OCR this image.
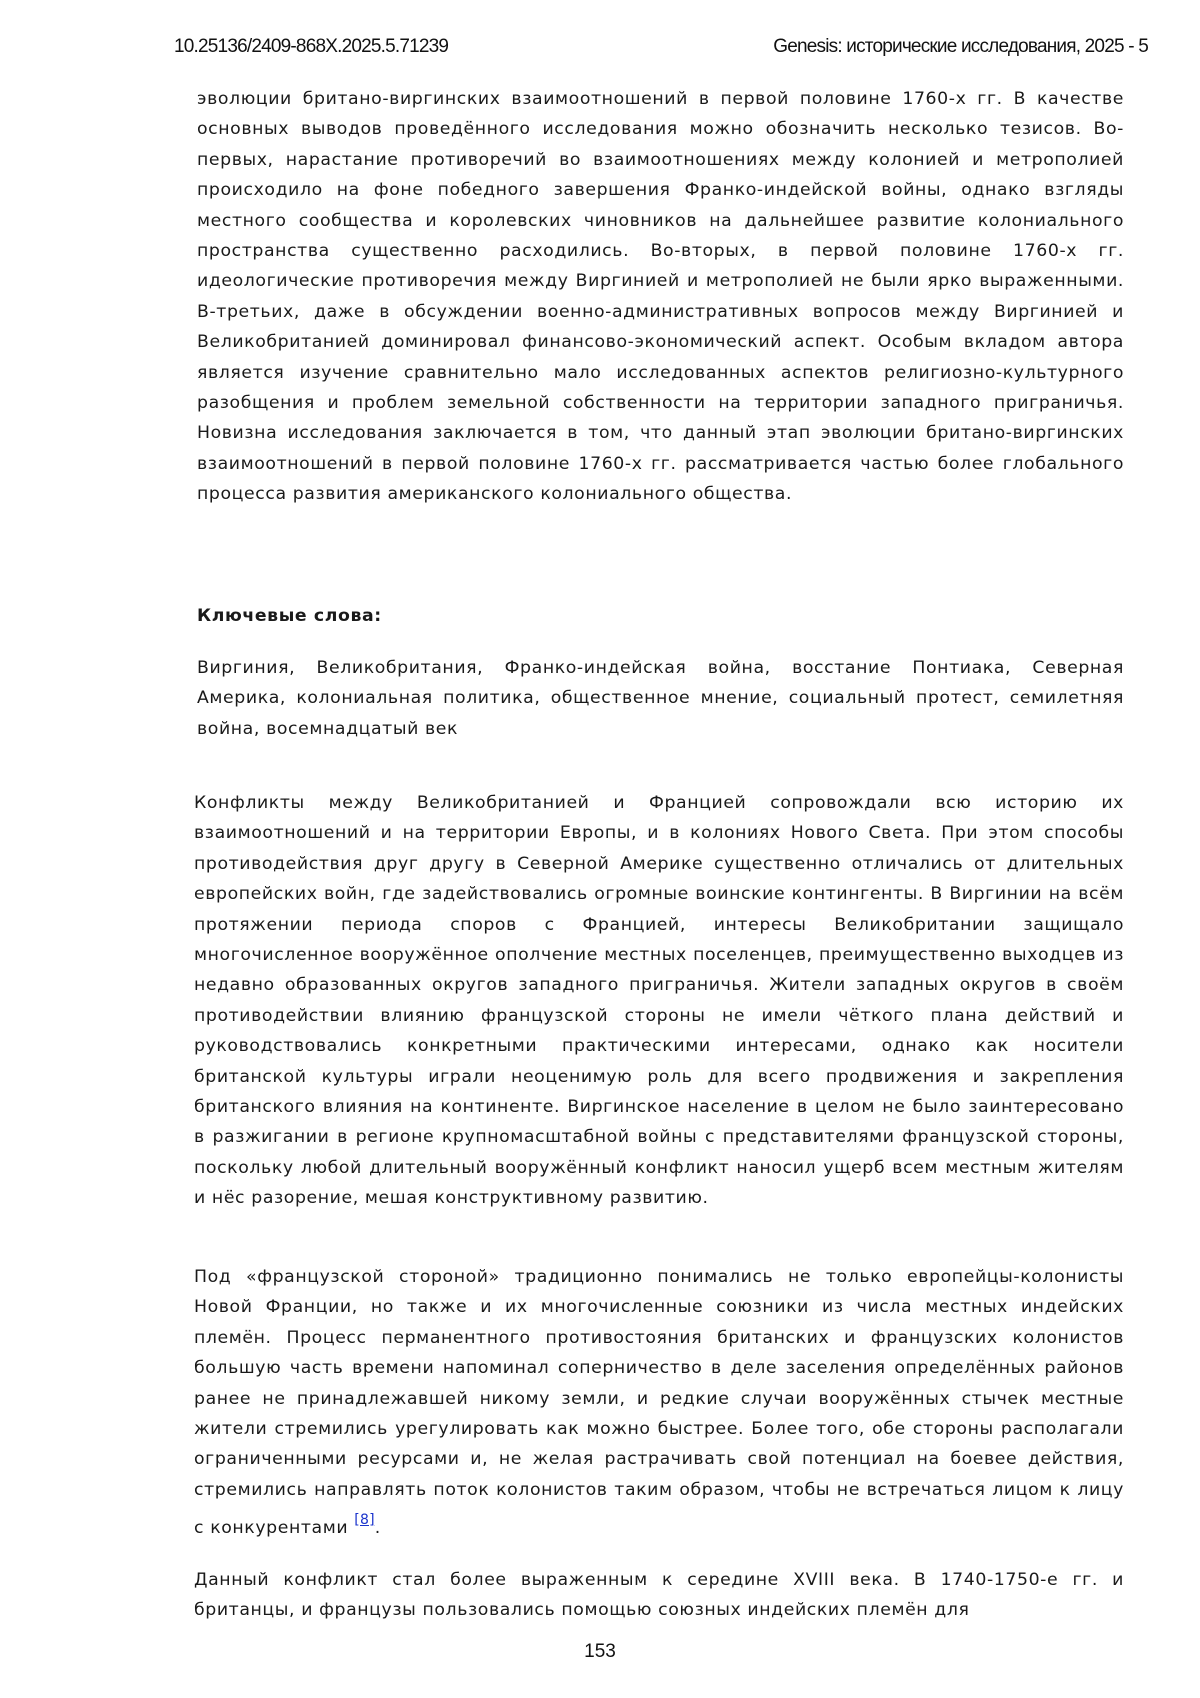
10.25136/2409-868X.2025.5.71239	Genesis: исторические исследования, 2025 - 5
эволюции британо-виргинских взаимоотношений в первой половине 1760-х гг. В качестве основных выводов проведённого исследования можно обозначить несколько тезисов. Во-первых, нарастание противоречий во взаимоотношениях между колонией и метрополией происходило на фоне победного завершения Франко-индейской войны, однако взгляды местного сообщества и королевских чиновников на дальнейшее развитие колониального пространства существенно расходились. Во-вторых, в первой половине 1760-х гг. идеологические противоречия между Виргинией и метрополией не были ярко выраженными. В-третьих, даже в обсуждении военно-административных вопросов между Виргинией и Великобританией доминировал финансово-экономический аспект. Особым вкладом автора является изучение сравнительно мало исследованных аспектов религиозно-культурного разобщения и проблем земельной собственности на территории западного приграничья. Новизна исследования заключается в том, что данный этап эволюции британо-виргинских взаимоотношений в первой половине 1760-х гг. рассматривается частью более глобального процесса развития американского колониального общества.
Ключевые слова:
Виргиния, Великобритания, Франко-индейская война, восстание Понтиака, Северная Америка, колониальная политика, общественное мнение, социальный протест, семилетняя война, восемнадцатый век
Конфликты между Великобританией и Францией сопровождали всю историю их взаимоотношений и на территории Европы, и в колониях Нового Света. При этом способы противодействия друг другу в Северной Америке существенно отличались от длительных европейских войн, где задействовались огромные воинские контингенты. В Виргинии на всём протяжении периода споров с Францией, интересы Великобритании защищало многочисленное вооружённое ополчение местных поселенцев, преимущественно выходцев из недавно образованных округов западного приграничья. Жители западных округов в своём противодействии влиянию французской стороны не имели чёткого плана действий и руководствовались конкретными практическими интересами, однако как носители британской культуры играли неоценимую роль для всего продвижения и закрепления британского влияния на континенте. Виргинское население в целом не было заинтересовано в разжигании в регионе крупномасштабной войны с представителями французской стороны, поскольку любой длительный вооружённый конфликт наносил ущерб всем местным жителям и нёс разорение, мешая конструктивному развитию.
Под «французской стороной» традиционно понимались не только европейцы-колонисты Новой Франции, но также и их многочисленные союзники из числа местных индейских племён. Процесс перманентного противостояния британских и французских колонистов большую часть времени напоминал соперничество в деле заселения определённых районов ранее не принадлежавшей никому земли, и редкие случаи вооружённых стычек местные жители стремились урегулировать как можно быстрее. Более того, обе стороны располагали ограниченными ресурсами и, не желая растрачивать свой потенциал на боевее действия, стремились направлять поток колонистов таким образом, чтобы не встречаться лицом к лицу с конкурентами [8].
Данный конфликт стал более выраженным к середине XVIII века. В 1740-1750-е гг. и британцы, и французы пользовались помощью союзных индейских племён для
153
